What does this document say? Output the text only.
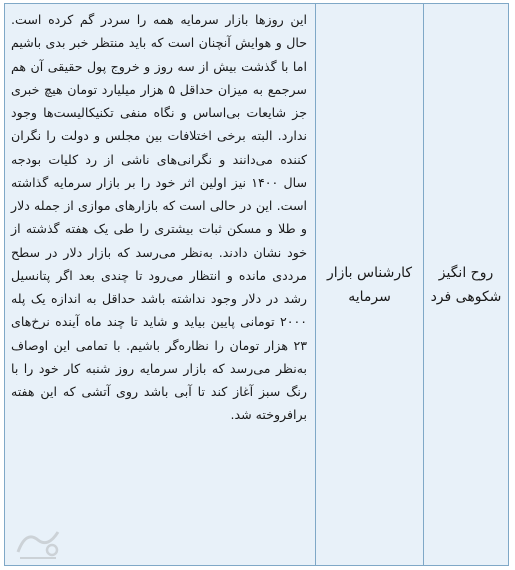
روح انگیز شکوهی فرد
کارشناس بازار سرمایه

این روزها بازار سرمایه همه را سردر گم کرده است. حال و هوایش آنچنان است که باید منتظر خبر بدی باشیم اما با گذشت بیش از سه روز و خروج پول حقیقی آن هم سرجمع به میزان حداقل ۵ هزار میلیارد تومان هیچ خبری جز شایعات بی‌اساس و نگاه منفی تکنیکالیست‌ها وجود ندارد. البته برخی اختلافات بین مجلس و دولت را نگران کننده می‌دانند و نگرانی‌های ناشی از رد کلیات بودجه سال ۱۴۰۰ نیز اولین اثر خود را بر بازار سرمایه گذاشته است. این در حالی است که بازارهای موازی از جمله دلار و طلا و مسکن ثبات بیشتری را طی یک هفته گذشته از خود نشان دادند. به‌نظر می‌رسد که بازار دلار در سطح مرددی مانده و انتظار می‌رود تا چندی بعد اگر پتانسیل رشد در دلار وجود نداشته باشد حداقل به اندازه یک پله ۲۰۰۰ تومانی پایین بیاید و شاید تا چند ماه آینده نرخ‌های ۲۳ هزار تومان را نظاره‌گر باشیم. با تمامی این اوصاف به‌نظر می‌رسد که بازار سرمایه روز شنبه کار خود را با رنگ سبز آغاز کند تا آبی باشد روی آتشی که این هفته برافروخته شد.
